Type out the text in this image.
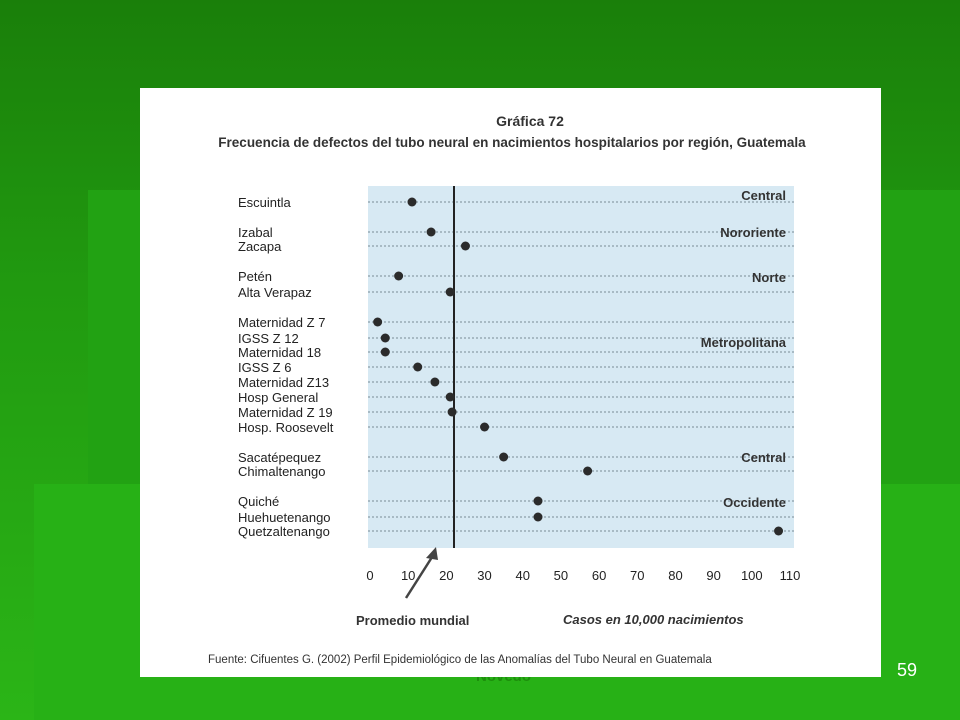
Gráfica 72
Frecuencia de defectos del tubo neural en nacimientos hospitalarios por región, Guatemala
Escuintla
Izabal
Zacapa
Petén
Alta Verapaz
Maternidad Z 7
IGSS Z 12
Maternidad 18
IGSS Z 6
Maternidad Z13
Hosp General
Maternidad Z 19
Hosp. Roosevelt
Sacatépequez
Chimaltenango
Quiché
Huehuetenango
Quetzaltenango
Promedio mundial	Casos en 10,000 nacimientos
0 10 20 30 40 50 60 70 80 90 100 110
Central
Nororiente
Norte
Metropolitana
Central
Occidente
Fuente: Cifuentes G. (2002) Perfil Epidemiológico de las Anomalías del Tubo Neural en Guatemala	59
